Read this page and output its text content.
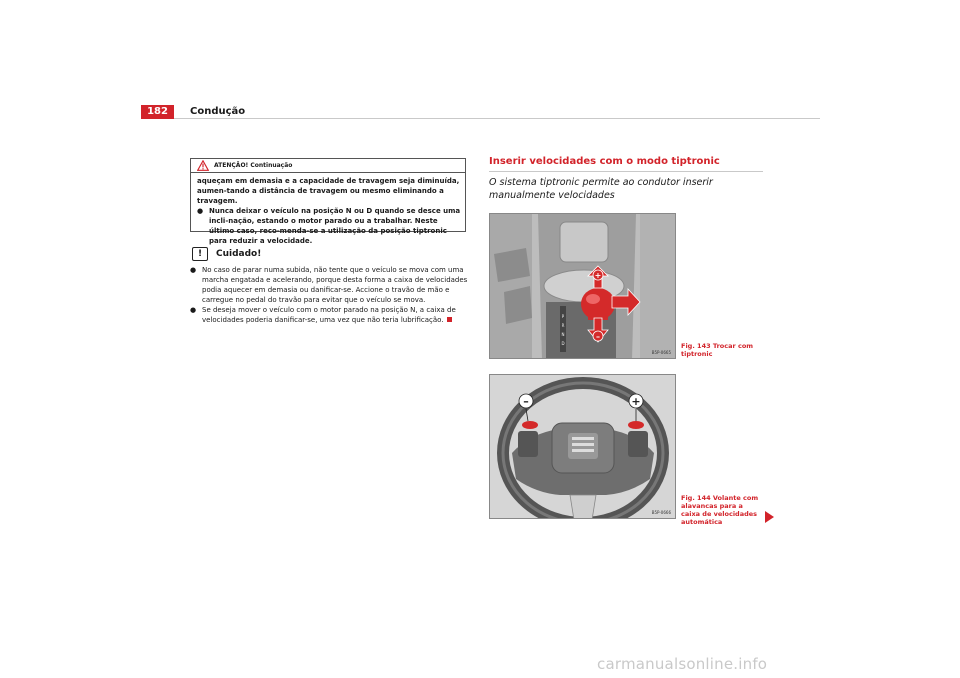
182	Condução
ATENÇÃO! Continuação

aqueçam em demasia e a capacidade de travagem seja diminuída, aumen-tando a distância de travagem ou mesmo eliminando a travagem.

● Nunca deixar o veículo na posição N ou D quando se desce uma incli-nação, estando o motor parado ou a trabalhar. Neste último caso, reco-menda-se a utilização da posição tiptronic para reduzir a velocidade.
!	Cuidado!
● No caso de parar numa subida, não tente que o veículo se mova com uma marcha engatada e acelerando, porque desta forma a caixa de velocidades podia aquecer em demasia ou danificar-se. Accione o travão de mão e carregue no pedal do travão para evitar que o veículo se mova.
● Se deseja mover o veículo com o motor parado na posição N, a caixa de velocidades poderia danificar-se, uma vez que não teria lubrificação.
Inserir velocidades com o modo tiptronic
O sistema tiptronic permite ao condutor inserir manualmente velocidades
P
R
N
D
+
–
B5P-0665
Fig. 143 Trocar com tiptronic
–	+
B5P-0666
Fig. 144 Volante com alavancas para a caixa de velocidades automática
carmanualsonline.info
